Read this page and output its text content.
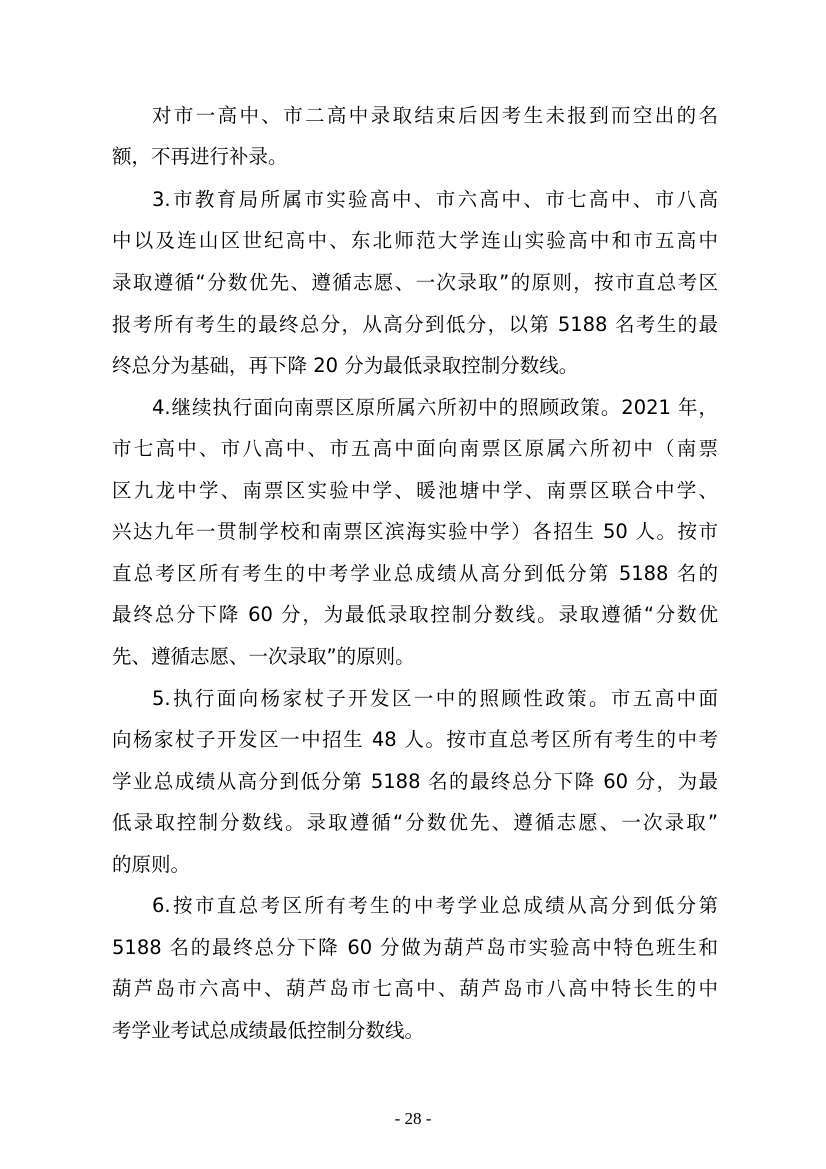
对市一高中、市二高中录取结束后因考生未报到而空出的名
额，不再进行补录。
3.市教育局所属市实验高中、市六高中、市七高中、市八高
中以及连山区世纪高中、东北师范大学连山实验高中和市五高中
录取遵循“分数优先、遵循志愿、一次录取”的原则，按市直总考区
报考所有考生的最终总分，从高分到低分，以第 5188 名考生的最
终总分为基础，再下降 20 分为最低录取控制分数线。
4.继续执行面向南票区原所属六所初中的照顾政策。2021 年，
市七高中、市八高中、市五高中面向南票区原属六所初中（南票
区九龙中学、南票区实验中学、暖池塘中学、南票区联合中学、
兴达九年一贯制学校和南票区滨海实验中学）各招生 50 人。按市
直总考区所有考生的中考学业总成绩从高分到低分第 5188 名的
最终总分下降 60 分，为最低录取控制分数线。录取遵循“分数优
先、遵循志愿、一次录取”的原则。
5.执行面向杨家杖子开发区一中的照顾性政策。市五高中面
向杨家杖子开发区一中招生 48 人。按市直总考区所有考生的中考
学业总成绩从高分到低分第 5188 名的最终总分下降 60 分，为最
低录取控制分数线。录取遵循“分数优先、遵循志愿、一次录取”
的原则。
6.按市直总考区所有考生的中考学业总成绩从高分到低分第
5188 名的最终总分下降 60 分做为葫芦岛市实验高中特色班生和
葫芦岛市六高中、葫芦岛市七高中、葫芦岛市八高中特长生的中
考学业考试总成绩最低控制分数线。
- 28 -
